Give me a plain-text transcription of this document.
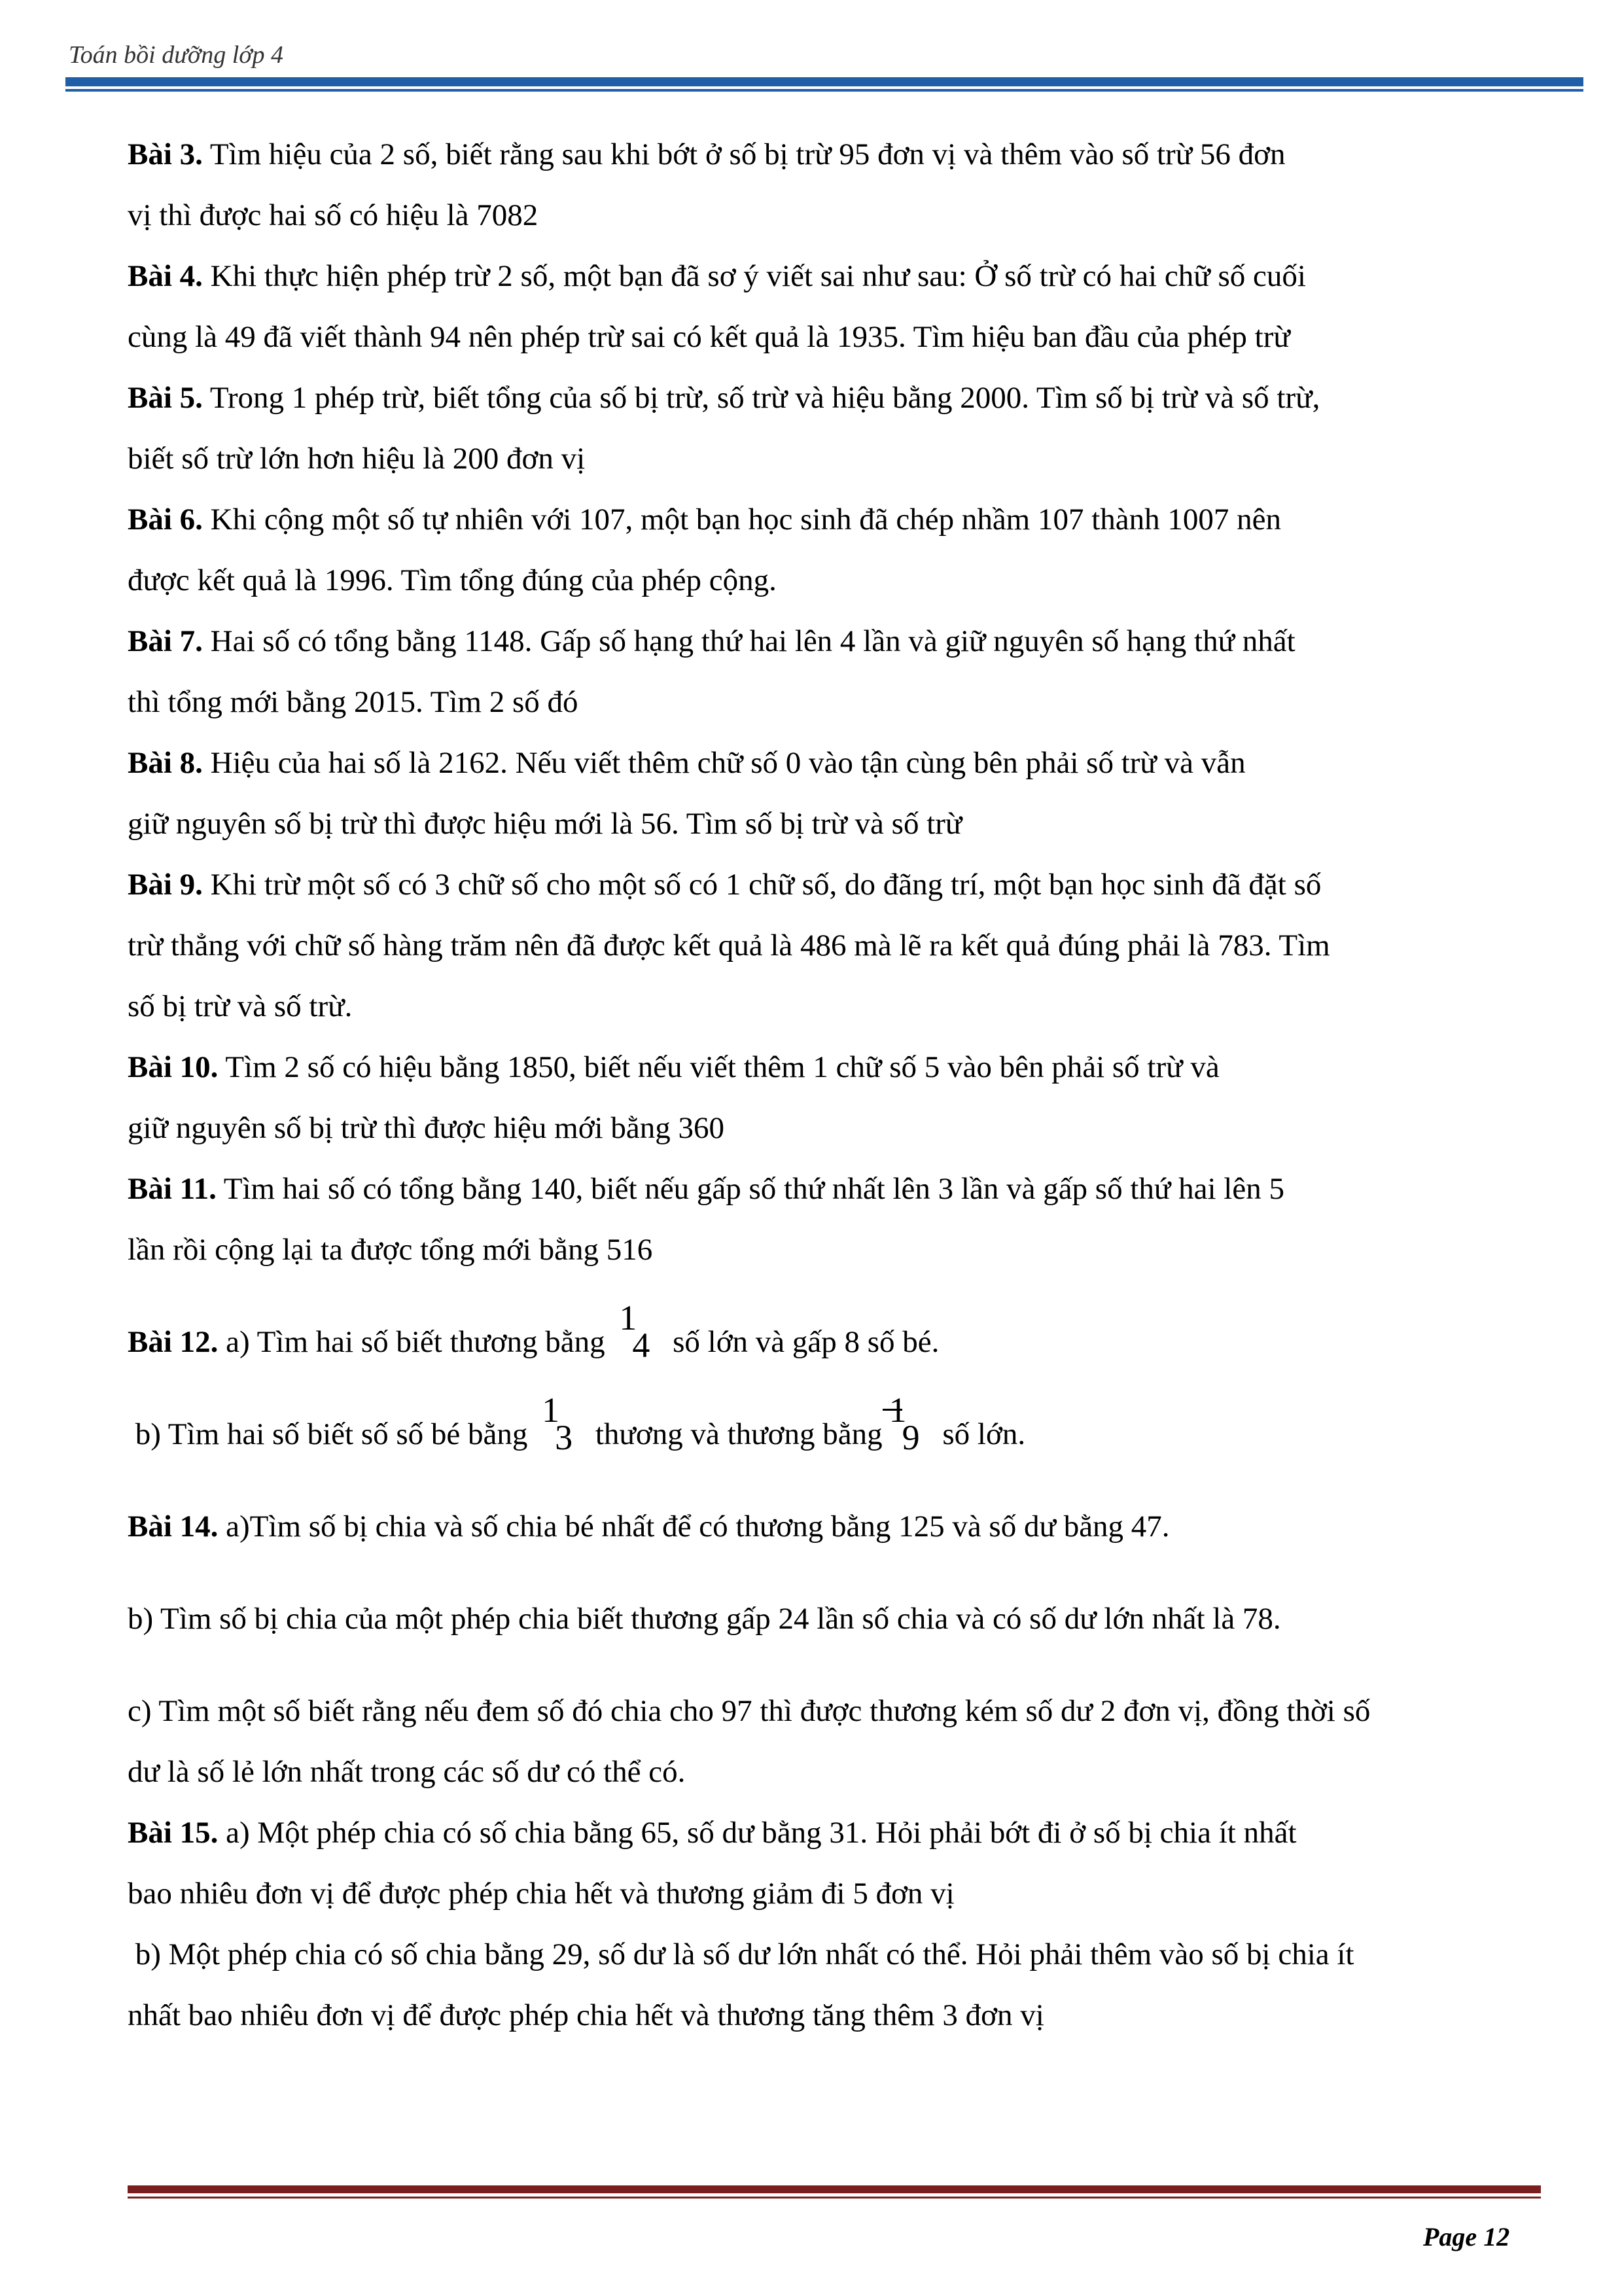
Toán bồi dưỡng lớp 4

Bài 3. Tìm hiệu của 2 số, biết rằng sau khi bớt ở số bị trừ 95 đơn vị và thêm vào số trừ 56 đơn

vị thì được hai số có hiệu là 7082

Bài 4. Khi thực hiện phép trừ 2 số, một bạn đã sơ ý viết sai như sau: Ở số trừ có hai chữ số cuối

cùng là 49 đã viết thành 94 nên phép trừ sai có kết quả là 1935. Tìm hiệu ban đầu của phép trừ

Bài 5. Trong 1 phép trừ, biết tổng của số bị trừ, số trừ và hiệu bằng 2000. Tìm số bị trừ và số trừ,

biết số trừ lớn hơn hiệu là 200 đơn vị

Bài 6. Khi cộng một số tự nhiên với 107, một bạn học sinh đã chép nhầm 107 thành 1007 nên

được kết quả là 1996. Tìm tổng đúng của phép cộng.

Bài 7. Hai số có tổng bằng 1148. Gấp số hạng thứ hai lên 4 lần và giữ nguyên số hạng thứ nhất

thì tổng mới bằng 2015. Tìm 2 số đó

Bài 8. Hiệu của hai số là 2162. Nếu viết thêm chữ số 0 vào tận cùng bên phải số trừ và vẫn

giữ nguyên số bị trừ thì được hiệu mới là 56. Tìm số bị trừ và số trừ

Bài 9. Khi trừ một số có 3 chữ số cho một số có 1 chữ số, do đãng trí, một bạn học sinh đã đặt số

trừ thẳng với chữ số hàng trăm nên đã được kết quả là 486 mà lẽ ra kết quả đúng phải là 783. Tìm

số bị trừ và số trừ.

Bài 10. Tìm 2 số có hiệu bằng 1850, biết nếu viết thêm 1 chữ số 5 vào bên phải số trừ và

giữ nguyên số bị trừ thì được hiệu mới bằng 360

Bài 11. Tìm hai số có tổng bằng 140, biết nếu gấp số thứ nhất lên 3 lần và gấp số thứ hai lên 5

lần rồi cộng lại ta được tổng mới bằng 516

Bài 12. a) Tìm hai số biết thương bằng
1
4 số lớn và gấp 8 số bé.

b) Tìm hai số biết số số bé bằng
1
3 thương và thương bằng
1
9 số lớn.

Bài 14. a)Tìm số bị chia và số chia bé nhất để có thương bằng 125 và số dư bằng 47.

b) Tìm số bị chia của một phép chia biết thương gấp 24 lần số chia và có số dư lớn nhất là 78.

c) Tìm một số biết rằng nếu đem số đó chia cho 97 thì được thương kém số dư 2 đơn vị, đồng thời số

dư là số lẻ lớn nhất trong các số dư có thể có.

Bài 15. a) Một phép chia có số chia bằng 65, số dư bằng 31. Hỏi phải bớt đi ở số bị chia ít nhất

bao nhiêu đơn vị để được phép chia hết và thương giảm đi 5 đơn vị

b) Một phép chia có số chia bằng 29, số dư là số dư lớn nhất có thể. Hỏi phải thêm vào số bị chia ít

nhất bao nhiêu đơn vị để được phép chia hết và thương tăng thêm 3 đơn vị

Page 12
